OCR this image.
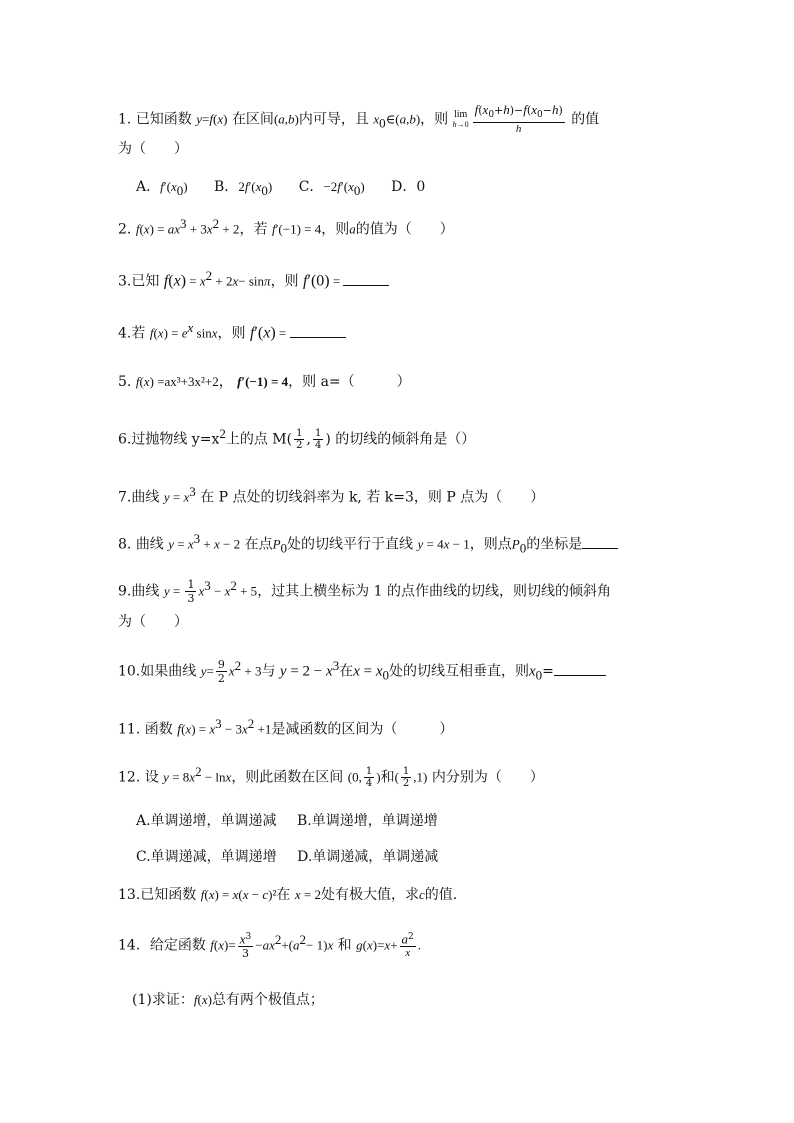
1. 已知函数 y=f(x) 在区间(a,b)内可导，且 $x_0\in(a,b)$，则 lim
$h\to 0 \frac{f(x_0+h)-f(x_0-h)}{h}$ 的值
为（　　）
A．$f'(x_0)$ B．$2f'(x_0)$ C．$-2f'(x_0)$ D．0
2. $f(x) = ax^3 + 3x^2 + 2$，若 f′(−1) = 4，则a的值为（　　）
3.已知 $f(x) = x^2 + 2x- \sin\pi$，则 f′(0) =
4.若 $f(x) = e^x$ sinx，则 f′(x) =
5. f(x) =ax³+3x²+2， f′(−1) = 4，则 a=（　　　）
6.过抛物线 $y=x^2$上的点 $M( \frac{1}{2}$ , $\frac{1}{4}$ ) 的切线的倾斜角是（）
7.曲线 $y = x^3$ 在 P 点处的切线斜率为 k, 若 k=3，则 P 点为（　　）
8. 曲线 $y = x^3 + x - 2$ 在点$P_0$处的切线平行于直线 y = 4x − 1，则点$P_0$的坐标是
9.曲线 $y = \frac{1}{3} x^3 - x^2 + 5$，过其上横坐标为 1 的点作曲线的切线，则切线的倾斜角
为（　　）
10.如果曲线 $y= \frac{9}{2} x^2 + 3$与 $y = 2 - x^3$在$x = x_0$处的切线互相垂直，则$x_0=$
11. 函数 $f(x) = x^3 - 3x^2 +1$是减函数的区间为（　　　）
12. 设 $y = 8x^2 - \ln x$，则此函数在区间 (0, $\frac{1}{4}$ )和( $\frac{1}{2} ,1$) 内分别为（　　）
A.单调递增，单调递减 B.单调递增，单调递增
C.单调递减，单调递增 D.单调递减，单调递减
13.已知函数 f(x) = x(x − c)²在 x = 2处有极大值，求c的值.
14．给定函数 $f(x)= \frac{x^3}{3} -ax^2+(a^2- 1)x$ 和 $g(x)=x+ \frac{a^2}{x}$ .
(1)求证：f(x)总有两个极值点；
